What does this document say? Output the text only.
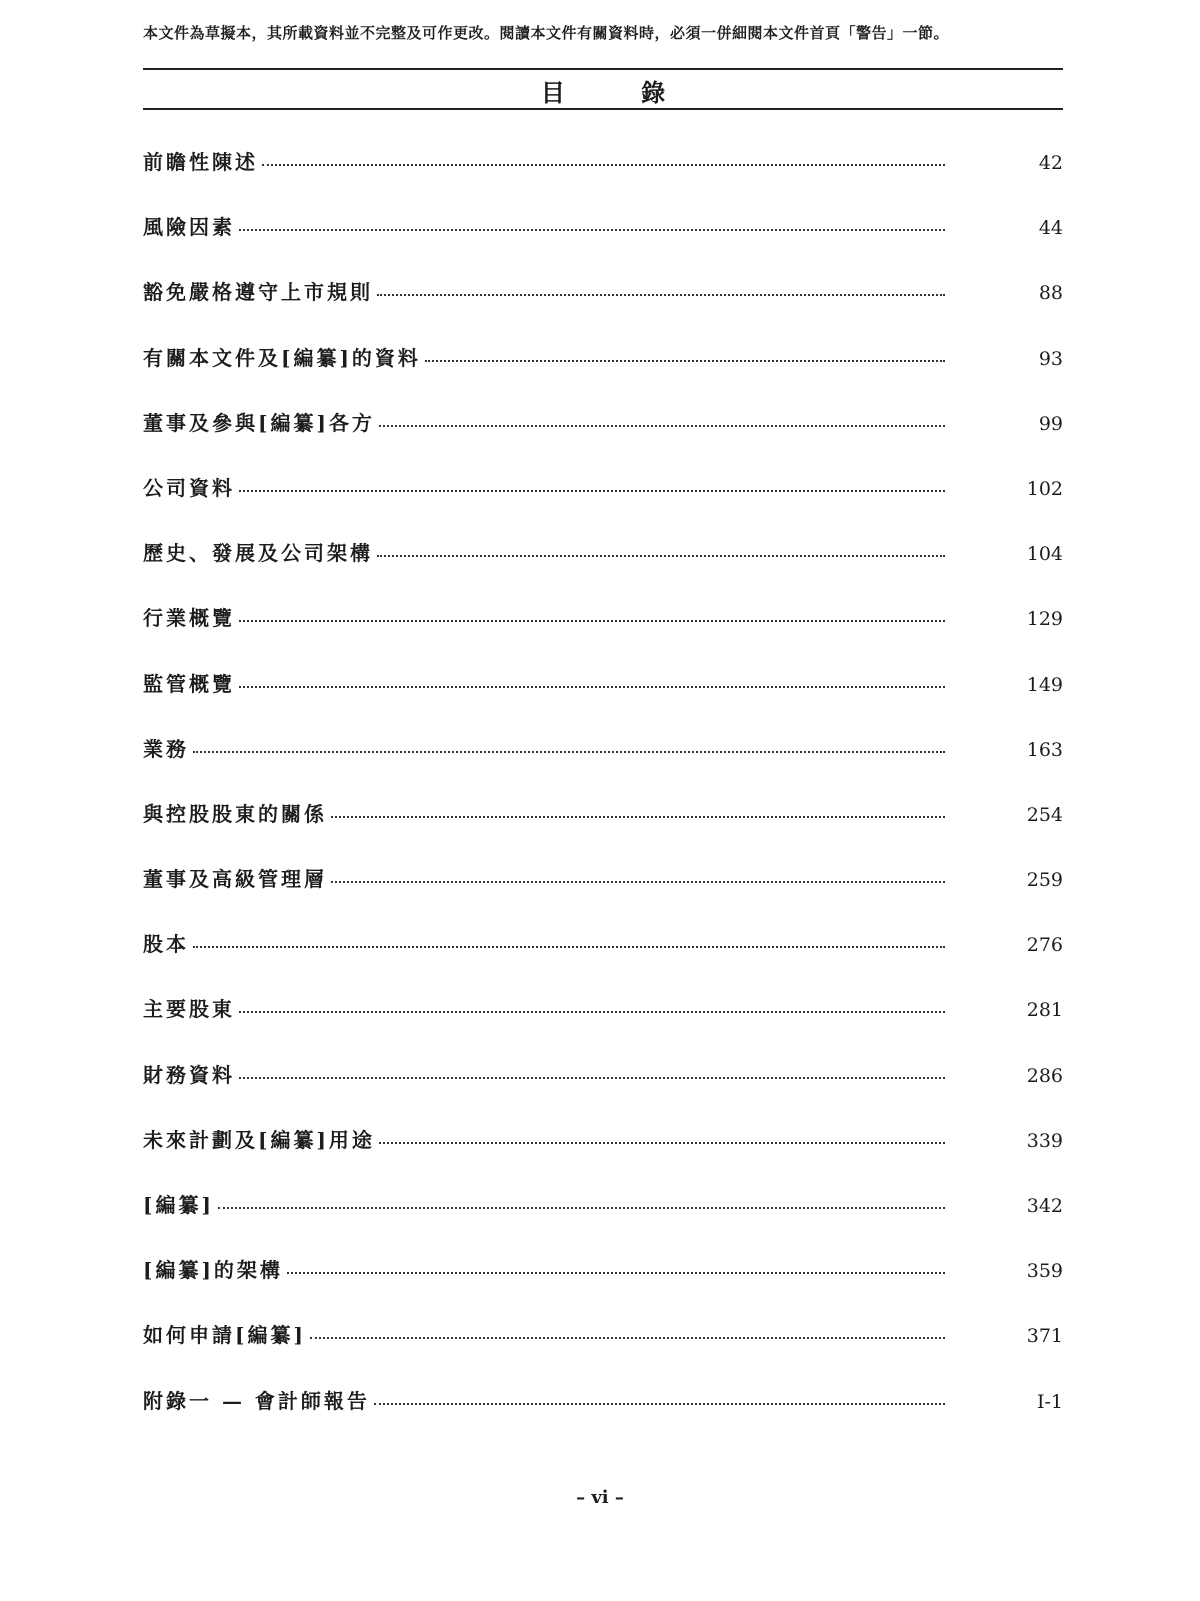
本文件為草擬本，其所載資料並不完整及可作更改。閱讀本文件有關資料時，必須一併細閱本文件首頁「警告」一節。
目 錄
前瞻性陳述	42
風險因素	44
豁免嚴格遵守上市規則	88
有關本文件及[編纂]的資料	93
董事及參與[編纂]各方	99
公司資料	102
歷史、發展及公司架構	104
行業概覽	129
監管概覽	149
業務	163
與控股股東的關係	254
董事及高級管理層	259
股本	276
主要股東	281
財務資料	286
未來計劃及[編纂]用途	339
[編纂]	342
[編纂]的架構	359
如何申請[編纂]	371
附錄一 — 會計師報告	I-1
– vi –
